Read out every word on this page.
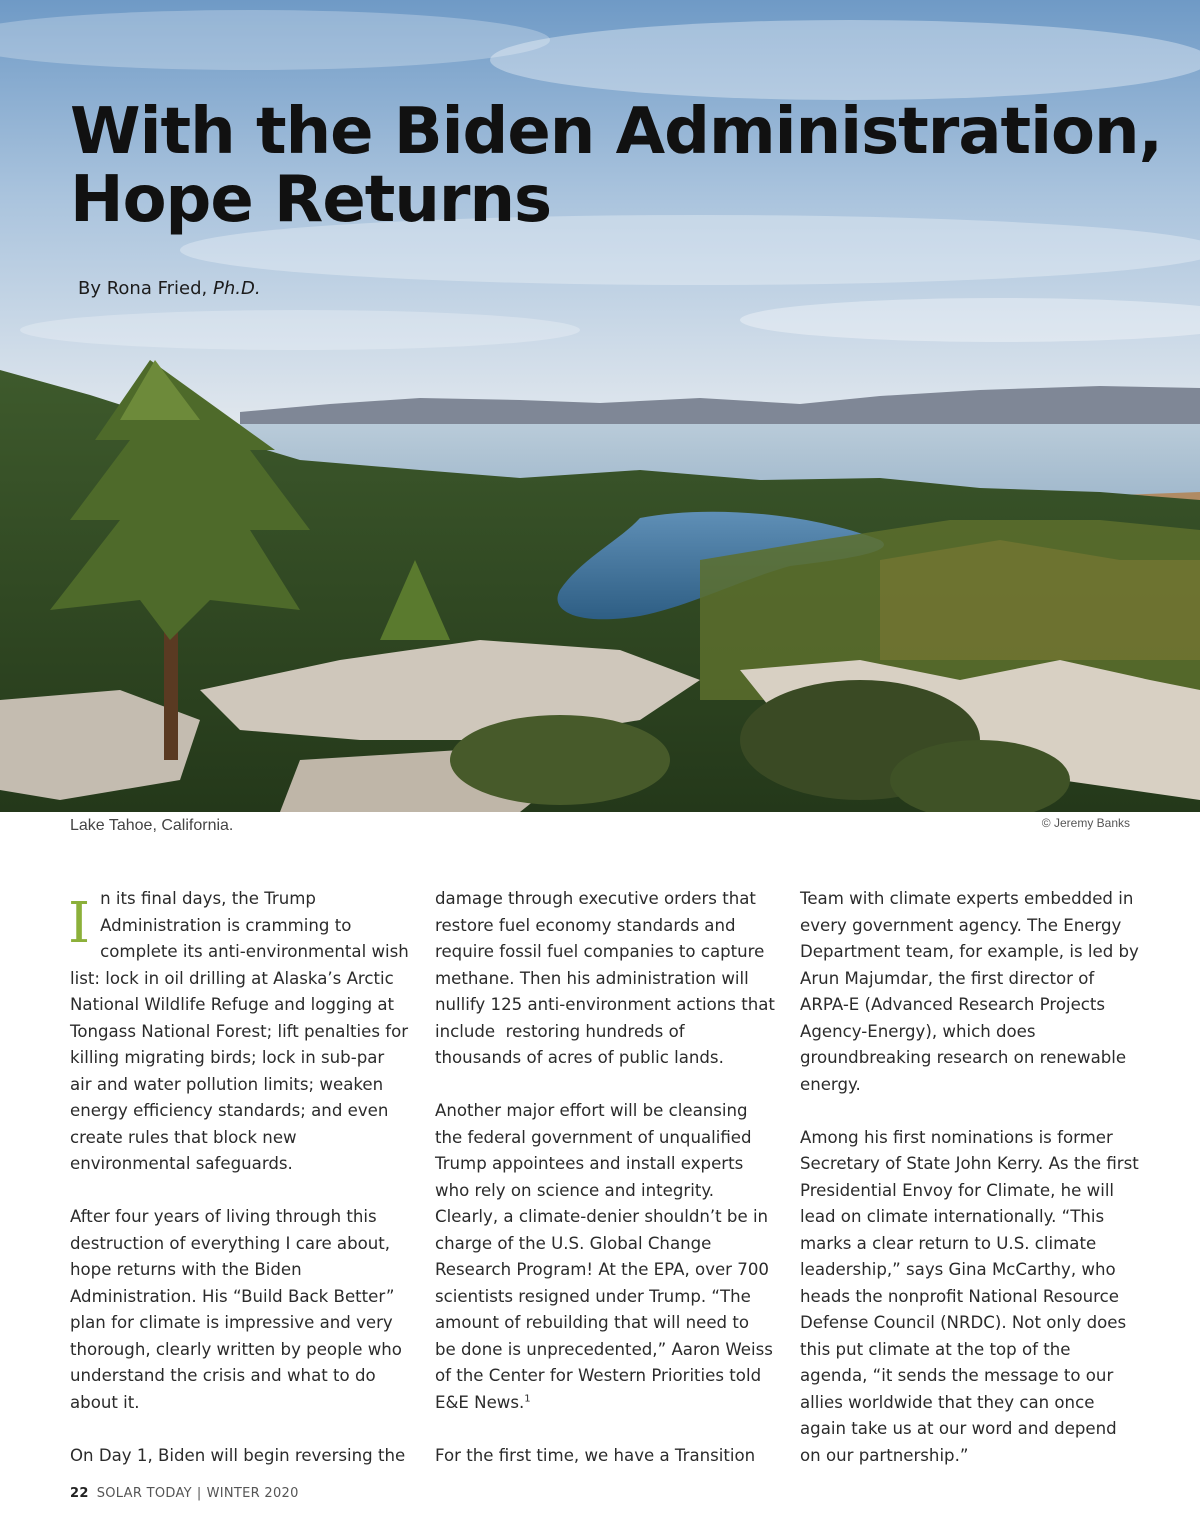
With the Biden Administration,
Hope Returns
By Rona Fried, Ph.D.
Lake Tahoe, California.	© Jeremy Banks

In its final days, the Trump Administration is cramming to complete its anti-environmental wish list: lock in oil drilling at Alaska’s Arctic National Wildlife Refuge and logging at Tongass National Forest; lift penalties for killing migrating birds; lock in sub-par air and water pollution limits; weaken energy efficiency standards; and even create rules that block new environmental safeguards.

After four years of living through this destruction of everything I care about, hope returns with the Biden Administration. His “Build Back Better” plan for climate is impressive and very thorough, clearly written by people who understand the crisis and what to do about it.

On Day 1, Biden will begin reversing the

damage through executive orders that restore fuel economy standards and require fossil fuel companies to capture methane. Then his administration will nullify 125 anti-environment actions that include  restoring hundreds of thousands of acres of public lands.

Another major effort will be cleansing the federal government of unqualified Trump appointees and install experts who rely on science and integrity. Clearly, a climate-denier shouldn’t be in charge of the U.S. Global Change Research Program! At the EPA, over 700 scientists resigned under Trump. “The amount of rebuilding that will need to be done is unprecedented,” Aaron Weiss of the Center for Western Priorities told E&E News.$^1$

For the first time, we have a Transition

Team with climate experts embedded in every government agency. The Energy Department team, for example, is led by Arun Majumdar, the first director of ARPA-E (Advanced Research Projects Agency-Energy), which does groundbreaking research on renewable energy.

Among his first nominations is former Secretary of State John Kerry. As the first Presidential Envoy for Climate, he will lead on climate internationally. “This marks a clear return to U.S. climate leadership,” says Gina McCarthy, who heads the nonprofit National Resource Defense Council (NRDC). Not only does this put climate at the top of the agenda, “it sends the message to our allies worldwide that they can once again take us at our word and depend on our partnership.”

22 SOLAR TODAY | WINTER 2020
